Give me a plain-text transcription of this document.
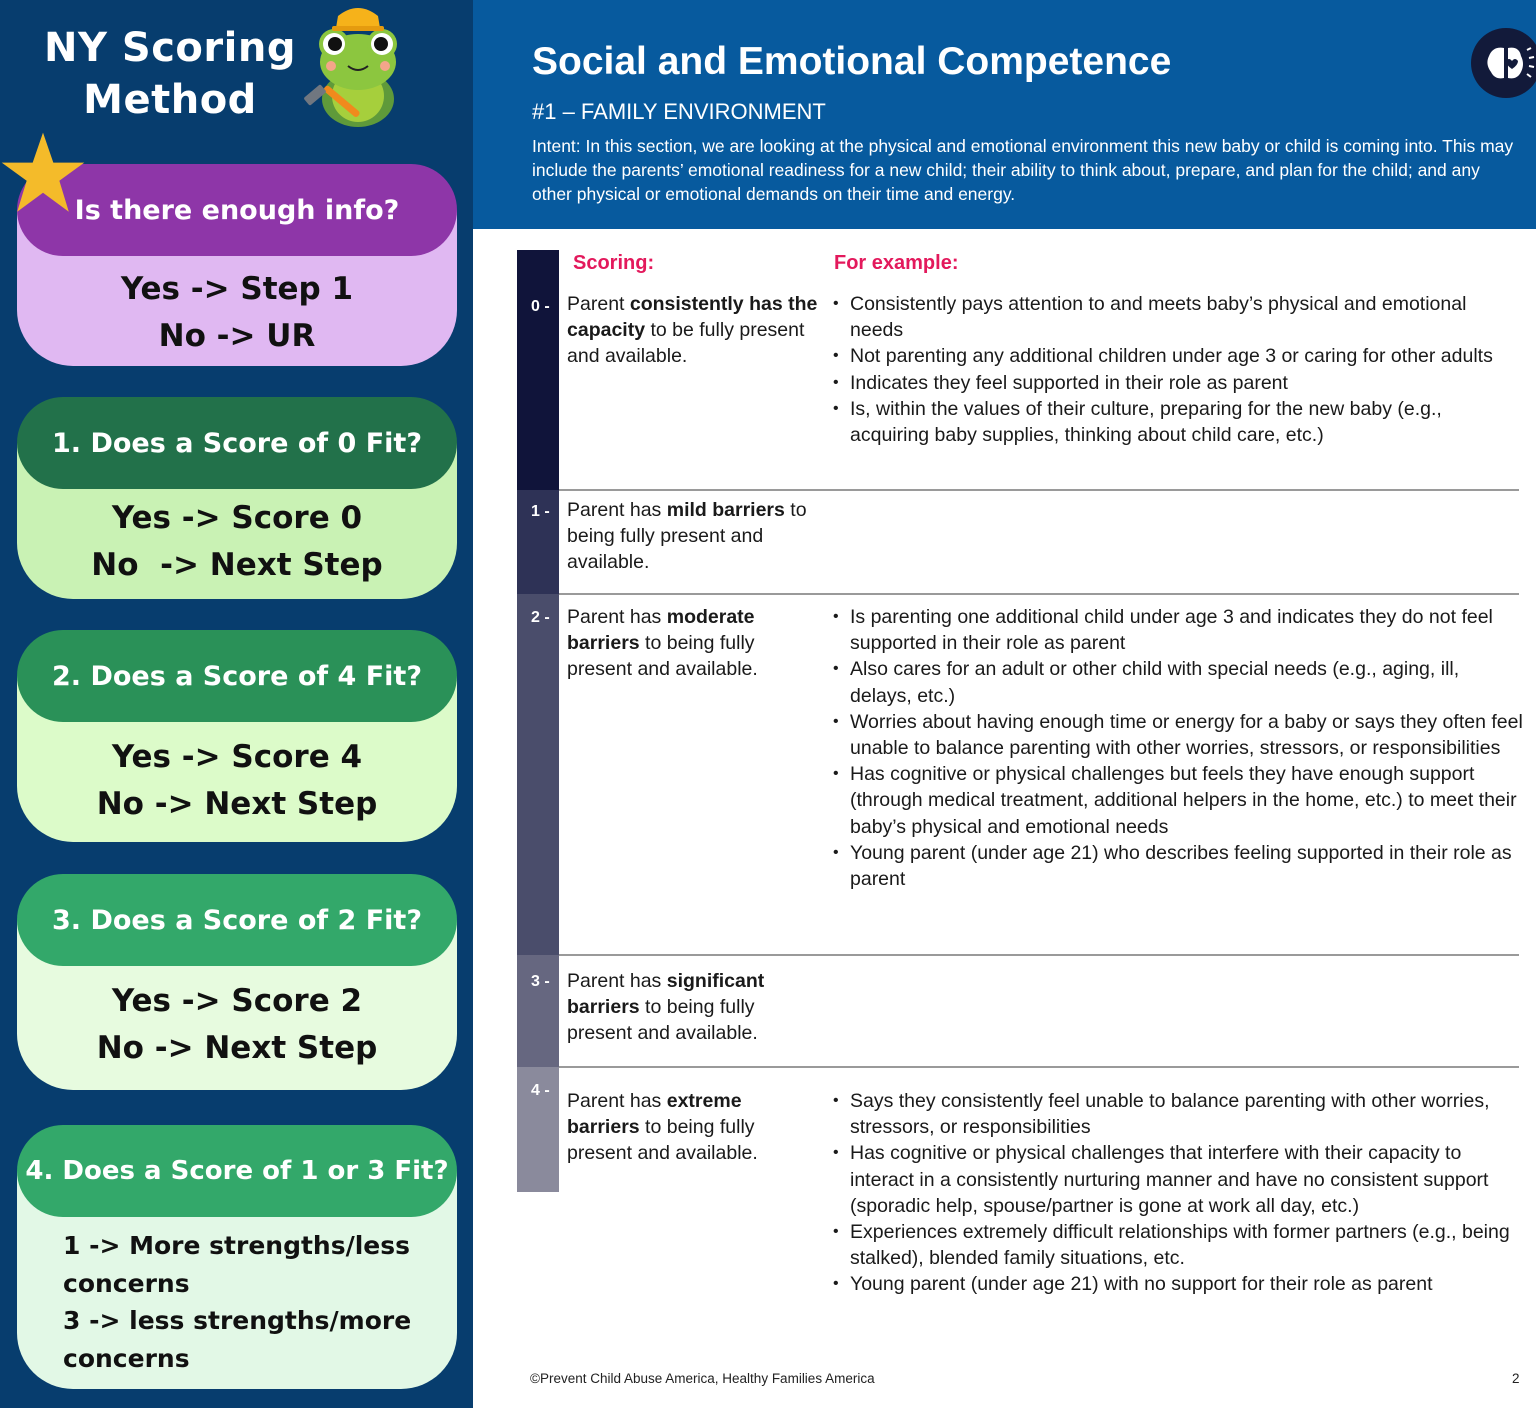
NY Scoring
Method
Is there enough info?
Yes -> Step 1
No -> UR
1. Does a Score of 0 Fit?
Yes -> Score 0
No  -> Next Step
2. Does a Score of 4 Fit?
Yes -> Score 4
No -> Next Step
3. Does a Score of 2 Fit?
Yes -> Score 2
No -> Next Step
4. Does a Score of 1 or 3 Fit?
1 -> More strengths/less
concerns
3 -> less strengths/more
concerns
Social and Emotional Competence
#1 – FAMILY ENVIRONMENT
Intent: In this section, we are looking at the physical and emotional environment this new baby or child is coming into. This may include the parents’ emotional readiness for a new child; their ability to think about, prepare, and plan for the child; and any other physical or emotional demands on their time and energy.
0 -
1 -
2 -
3 -
4 -
Scoring:	For example:
Parent consistently has the capacity to be fully present and available.
• Consistently pays attention to and meets baby’s physical and emotional needs
• Not parenting any additional children under age 3 or caring for other adults
• Indicates they feel supported in their role as parent
• Is, within the values of their culture, preparing for the new baby (e.g., acquiring baby supplies, thinking about child care, etc.)
Parent has mild barriers to being fully present and available.
Parent has moderate barriers to being fully present and available.
• Is parenting one additional child under age 3 and indicates they do not feel supported in their role as parent
• Also cares for an adult or other child with special needs (e.g., aging, ill, delays, etc.)
• Worries about having enough time or energy for a baby or says they often feel unable to balance parenting with other worries, stressors, or responsibilities
• Has cognitive or physical challenges but feels they have enough support (through medical treatment, additional helpers in the home, etc.) to meet their baby’s physical and emotional needs
• Young parent (under age 21) who describes feeling supported in their role as parent
Parent has significant barriers to being fully present and available.
Parent has extreme barriers to being fully present and available.
• Says they consistently feel unable to balance parenting with other worries, stressors, or responsibilities
• Has cognitive or physical challenges that interfere with their capacity to interact in a consistently nurturing manner and have no consistent support (sporadic help, spouse/partner is gone at work all day, etc.)
• Experiences extremely difficult relationships with former partners (e.g., being stalked), blended family situations, etc.
• Young parent (under age 21) with no support for their role as parent
©Prevent Child Abuse America, Healthy Families America	2
